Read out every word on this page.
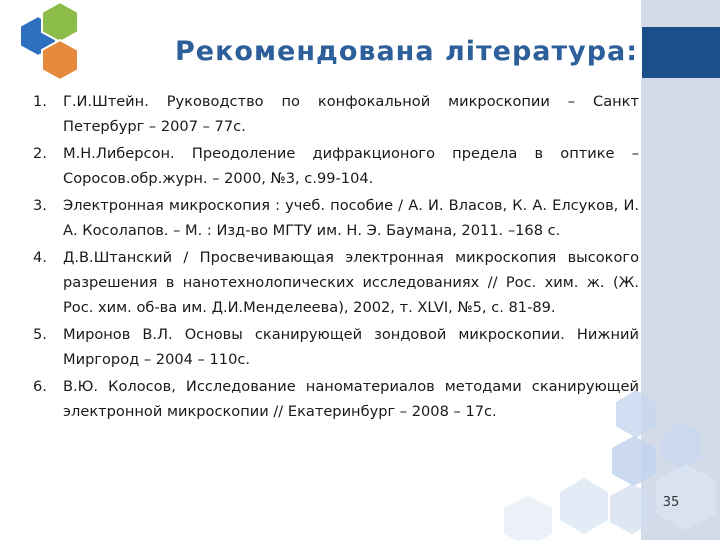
Рекомендована література:
1. Г.И.Штейн. Руководство по конфокальной микроскопии – Санкт Петербург – 2007 – 77с.
2. М.Н.Либерсон. Преодоление дифракционого предела в оптике – Соросов.обр.журн. – 2000, №3, с.99-104.
3. Электронная микроскопия : учеб. пособие / А. И. Власов, К. А. Елсуков, И. А. Косолапов. – М. : Изд-во МГТУ им. Н. Э. Баумана, 2011. –168 с.
4. Д.В.Штанский / Просвечивающая электронная микроскопия высокого разрешения в нанотехнолопических исследованиях // Рос. хим. ж. (Ж. Рос. хим. об-ва им. Д.И.Менделеева), 2002, т. XLVI, №5, с. 81-89.
5. Миронов В.Л. Основы сканирующей зондовой микроскопии. Нижний Миргород – 2004 – 110с.
6. В.Ю. Колосов, Исследование наноматериалов методами сканирующей электронной микроскопии // Екатеринбург – 2008 – 17с.
35
